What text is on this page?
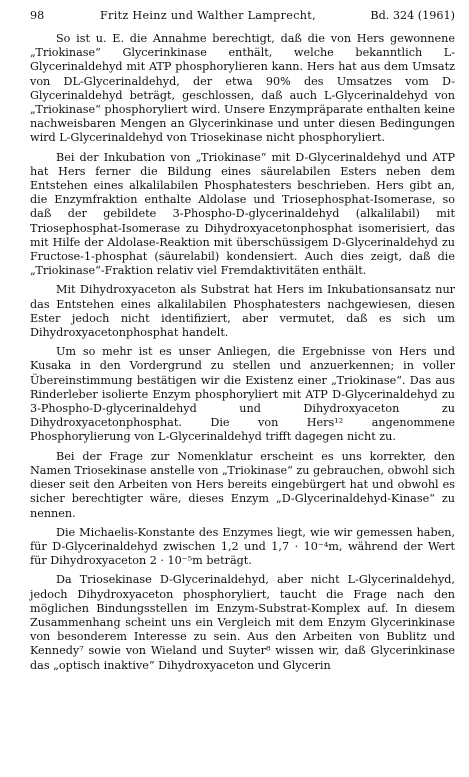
98	Fritz Heinz und Walther Lamprecht,	Bd. 324 (1961)

So ist u. E. die Annahme berechtigt, daß die von Hers gewonnene „Triokinase“ Glycerinkinase enthält, welche bekanntlich L-Glycerinaldehyd mit ATP phosphorylieren kann. Hers hat aus dem Umsatz von DL-Glycerinaldehyd, der etwa 90% des Umsatzes vom D-Glycerinaldehyd beträgt, geschlossen, daß auch L-Glycerinaldehyd von „Triokinase“ phosphoryliert wird. Unsere Enzympräparate enthalten keine nachweisbaren Mengen an Glycerinkinase und unter diesen Bedingungen wird L-Glycerinaldehyd von Triosekinase nicht phosphoryliert.

Bei der Inkubation von „Triokinase“ mit D-Glycerinaldehyd und ATP hat Hers ferner die Bildung eines säurelabilen Esters neben dem Entstehen eines alkalilabilen Phosphatesters beschrieben. Hers gibt an, die Enzymfraktion enthalte Aldolase und Triosephosphat-Isomerase, so daß der gebildete 3-Phospho-D-glycerinaldehyd (alkalilabil) mit Triosephosphat-Isomerase zu Dihydroxyacetonphosphat isomerisiert, das mit Hilfe der Aldolase-Reaktion mit überschüssigem D-Glycerinaldehyd zu Fructose-1-phosphat (säurelabil) kondensiert. Auch dies zeigt, daß die „Triokinase“-Fraktion relativ viel Fremdaktivitäten enthält.

Mit Dihydroxyaceton als Substrat hat Hers im Inkubationsansatz nur das Entstehen eines alkalilabilen Phosphatesters nachgewiesen, diesen Ester jedoch nicht identifiziert, aber vermutet, daß es sich um Dihydroxyacetonphosphat handelt.

Um so mehr ist es unser Anliegen, die Ergebnisse von Hers und Kusaka in den Vordergrund zu stellen und anzuerkennen; in voller Übereinstimmung bestätigen wir die Existenz einer „Triokinase“. Das aus Rinderleber isolierte Enzym phosphoryliert mit ATP D-Glycerinaldehyd zu 3-Phospho-D-glycerinaldehyd und Dihydroxyaceton zu Dihydroxyacetonphosphat. Die von Hers¹² angenommene Phosphorylierung von L-Glycerinaldehyd trifft dagegen nicht zu.

Bei der Frage zur Nomenklatur erscheint es uns korrekter, den Namen Triosekinase anstelle von „Triokinase“ zu gebrauchen, obwohl sich dieser seit den Arbeiten von Hers bereits eingebürgert hat und obwohl es sicher berechtigter wäre, dieses Enzym „D-Glycerinaldehyd-Kinase“ zu nennen.

Die Michaelis-Konstante des Enzymes liegt, wie wir gemessen haben, für D-Glycerinaldehyd zwischen 1,2 und 1,7 · 10⁻⁴m, während der Wert für Dihydroxyaceton 2 · 10⁻⁵m beträgt.

Da Triosekinase D-Glycerinaldehyd, aber nicht L-Glycerinaldehyd, jedoch Dihydroxyaceton phosphoryliert, taucht die Frage nach den möglichen Bindungsstellen im Enzym-Substrat-Komplex auf. In diesem Zusammenhang scheint uns ein Vergleich mit dem Enzym Glycerinkinase von besonderem Interesse zu sein. Aus den Arbeiten von Bublitz und Kennedy⁷ sowie von Wieland und Suyter⁸ wissen wir, daß Glycerinkinase das „optisch inaktive“ Dihydroxyaceton und Glycerin
